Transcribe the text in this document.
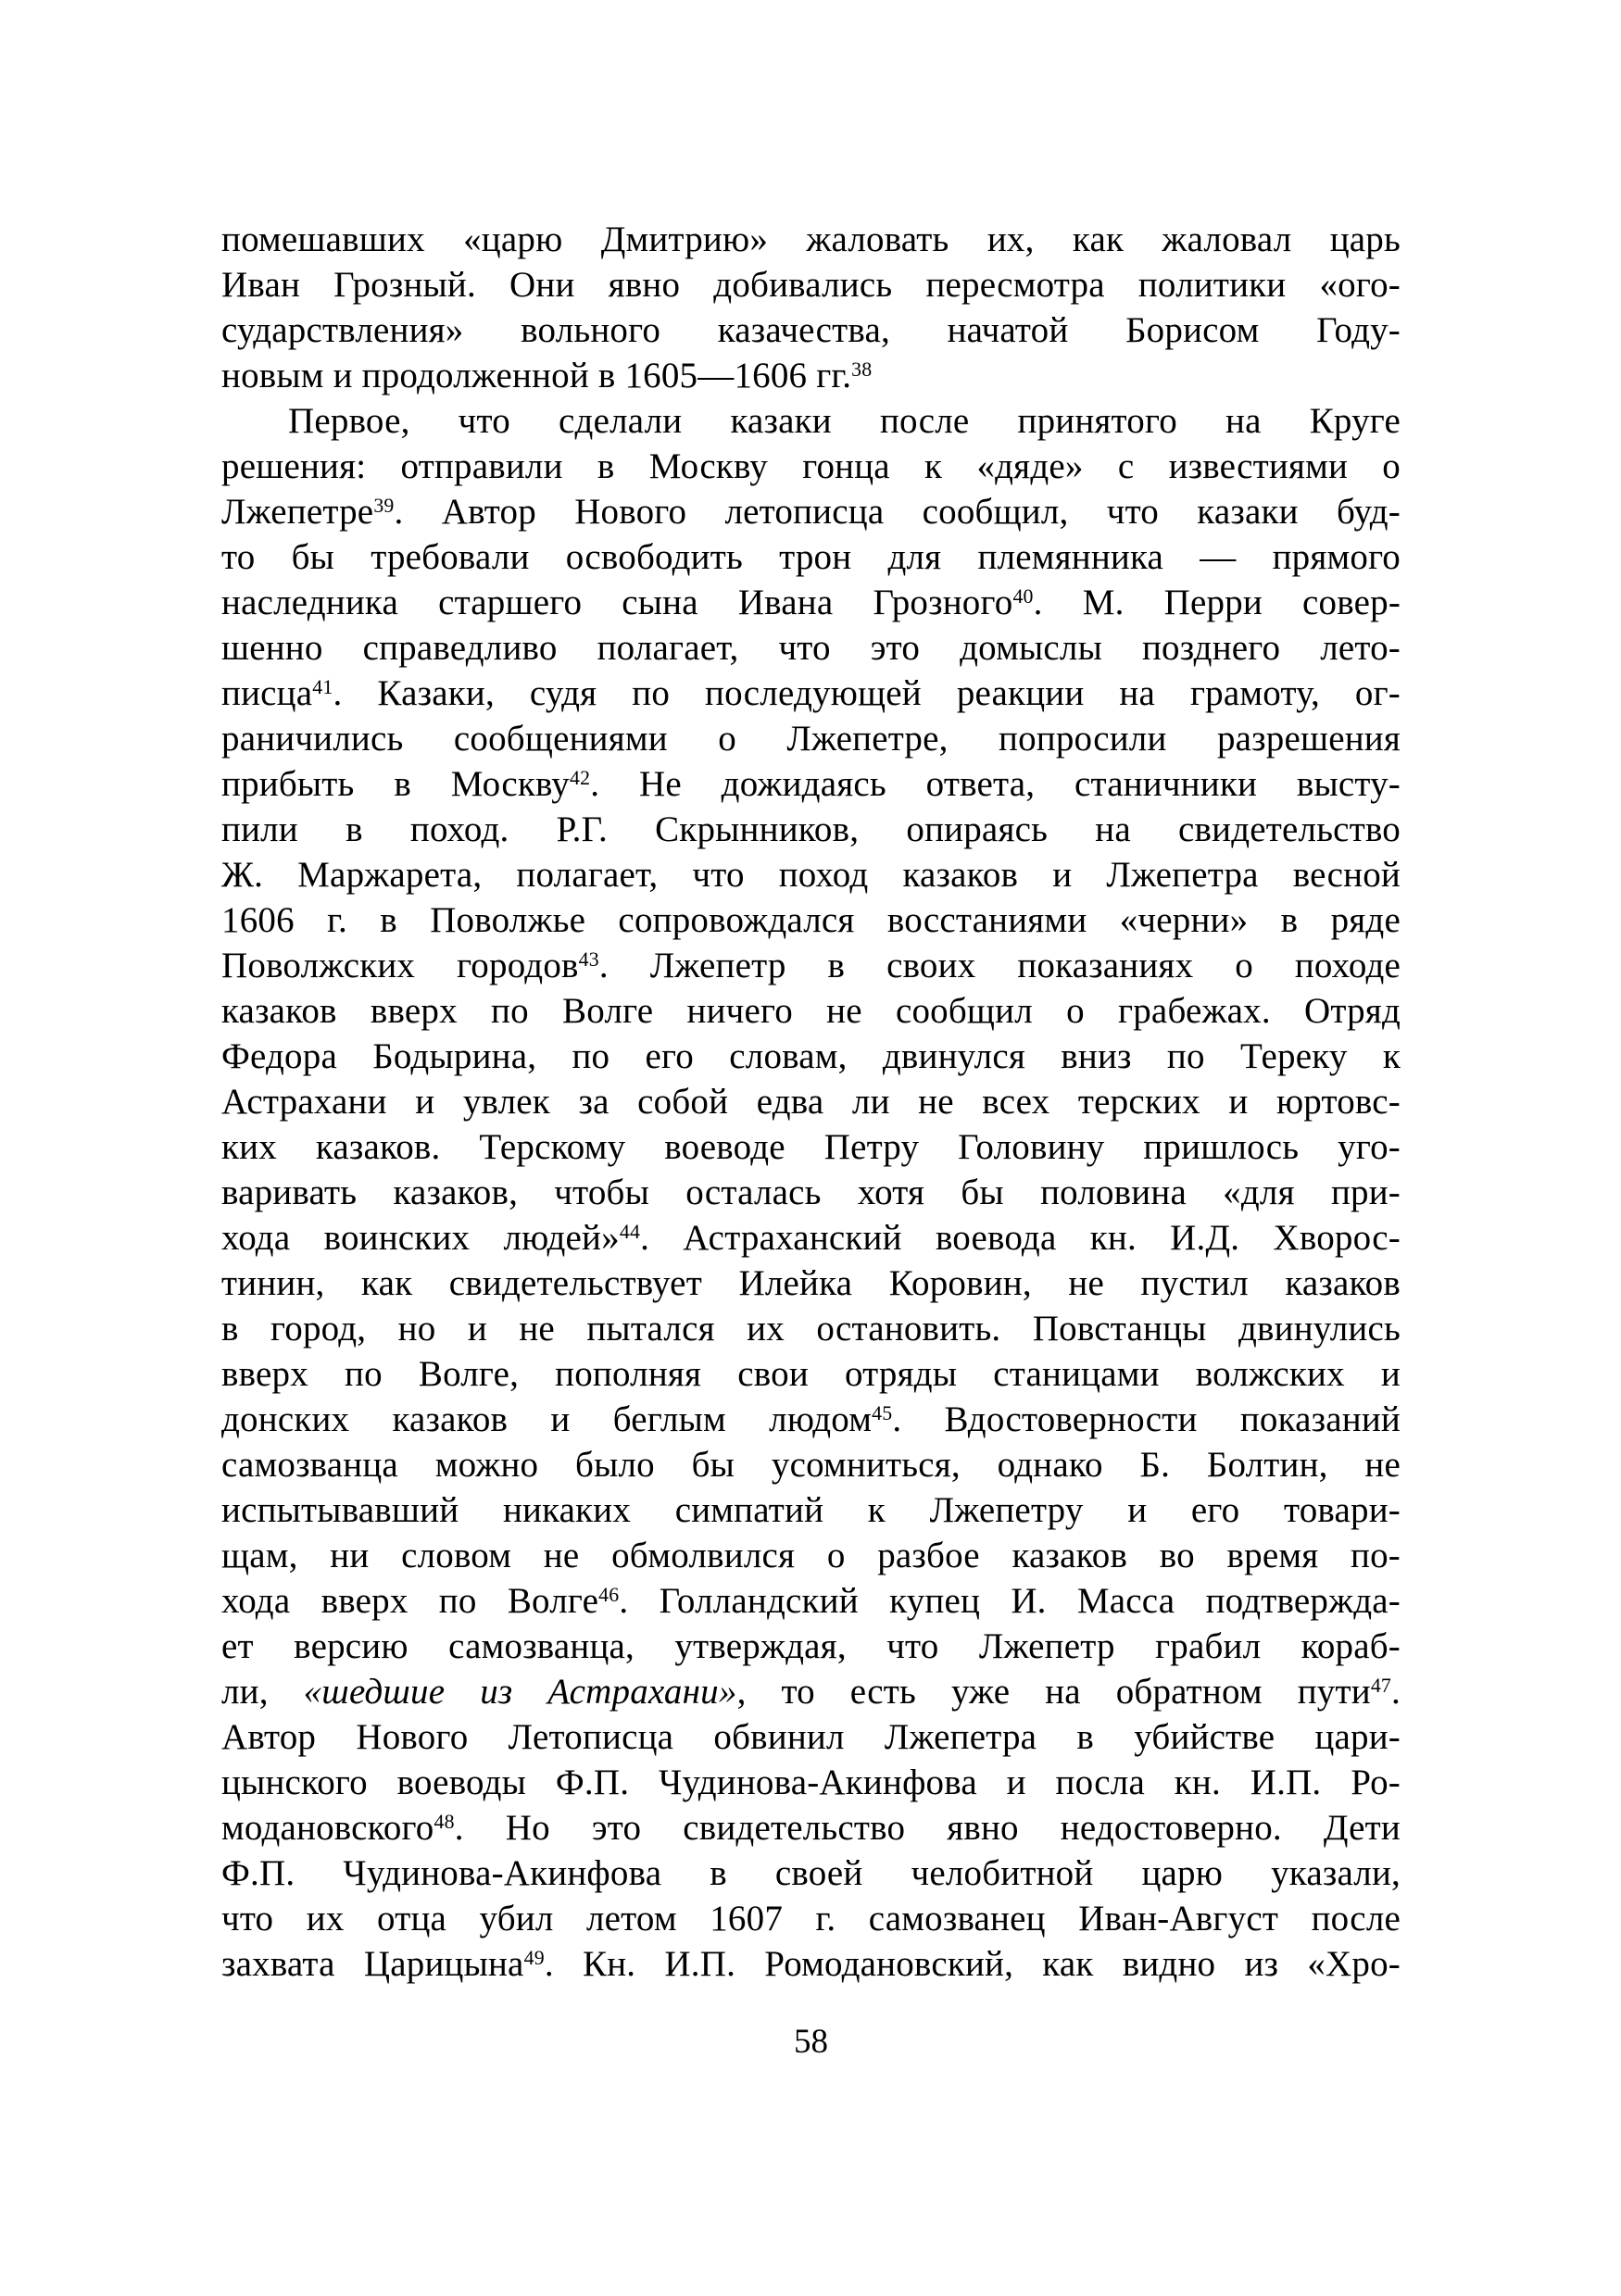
помешавших «царю Дмитрию» жаловать их, как жаловал царь
Иван Грозный. Они явно добивались пересмотра политики «ого-
сударствления» вольного казачества, начатой Борисом Году-
новым и продолженной в 1605—1606 гг.$^{38}$
Первое, что сделали казаки после принятого на Круге
решения: отправили в Москву гонца к «дяде» с известиями о
Лжепетре$^{39}$. Автор Нового летописца сообщил, что казаки буд-
то бы требовали освободить трон для племянника — прямого
наследника старшего сына Ивана Грозного$^{40}$. М. Перри совер-
шенно справедливо полагает, что это домыслы позднего лето-
писца$^{41}$. Казаки, судя по последующей реакции на грамоту, ог-
раничились сообщениями о Лжепетре, попросили разрешения
прибыть в Москву$^{42}$. Не дожидаясь ответа, станичники высту-
пили в поход. Р.Г. Скрынников, опираясь на свидетельство
Ж. Маржарета, полагает, что поход казаков и Лжепетра весной
1606 г. в Поволжье сопровождался восстаниями «черни» в ряде
Поволжских городов$^{43}$. Лжепетр в своих показаниях о походе
казаков вверх по Волге ничего не сообщил о грабежах. Отряд
Федора Бодырина, по его словам, двинулся вниз по Тереку к
Астрахани и увлек за собой едва ли не всех терских и юртовс-
ких казаков. Терскому воеводе Петру Головину пришлось уго-
варивать казаков, чтобы осталась хотя бы половина «для при-
хода воинских людей»$^{44}$. Астраханский воевода кн. И.Д. Хворос-
тинин, как свидетельствует Илейка Коровин, не пустил казаков
в город, но и не пытался их остановить. Повстанцы двинулись
вверх по Волге, пополняя свои отряды станицами волжских и
донских казаков и беглым людом$^{45}$. Вдостоверности показаний
самозванца можно было бы усомниться, однако Б. Болтин, не
испытывавший никаких симпатий к Лжепетру и его товари-
щам, ни словом не обмолвился о разбое казаков во время по-
хода вверх по Волге$^{46}$. Голландский купец И. Масса подтвержда-
ет версию самозванца, утверждая, что Лжепетр грабил кораб-
ли, «шедшие из Астрахани», то есть уже на обратном пути$^{47}$.
Автор Нового Летописца обвинил Лжепетра в убийстве цари-
цынского воеводы Ф.П. Чудинова-Акинфова и посла кн. И.П. Ро-
модановского$^{48}$. Но это свидетельство явно недостоверно. Дети
Ф.П. Чудинова-Акинфова в своей челобитной царю указали,
что их отца убил летом 1607 г. самозванец Иван-Август после
захвата Царицына$^{49}$. Кн. И.П. Ромодановский, как видно из «Хро-
58
